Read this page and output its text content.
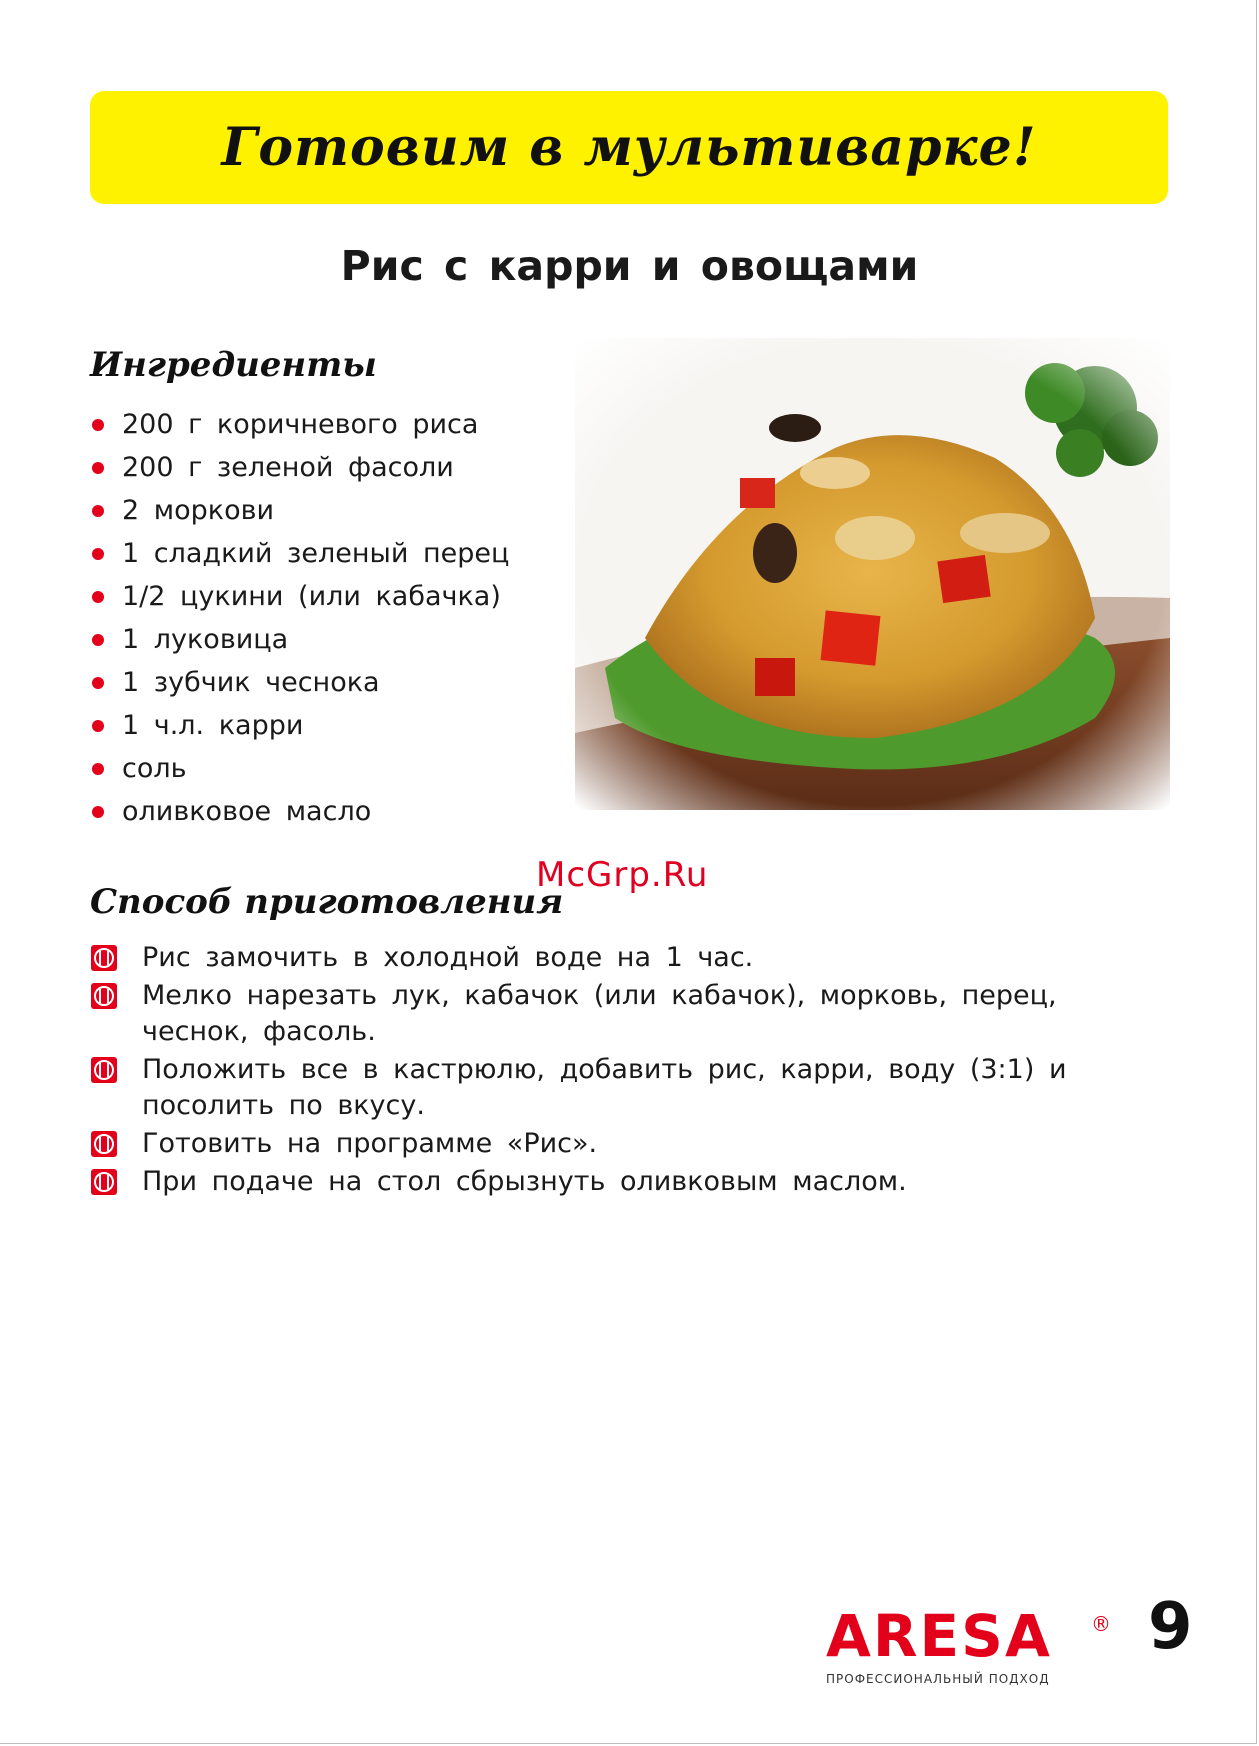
Готовим в мультиварке!
Рис с карри и овощами
Ингредиенты
200 г коричневого риса
200 г зеленой фасоли
2 моркови
1 сладкий зеленый перец
1/2 цукини (или кабачка)
1 луковица
1 зубчик чеснока
1 ч.л. карри
соль
оливковое масло
McGrp.Ru
Способ приготовления
Рис замочить в холодной воде на 1 час.
Мелко нарезать лук, кабачок (или кабачок), морковь, перец, чеснок, фасоль.
Положить все в кастрюлю, добавить рис, карри, воду (3:1) и посолить по вкусу.
Готовить на программе «Рис».
При подаче на стол сбрызнуть оливковым маслом.
ARESA	®
ПРОФЕССИОНАЛЬНЫЙ ПОДХОД
9
